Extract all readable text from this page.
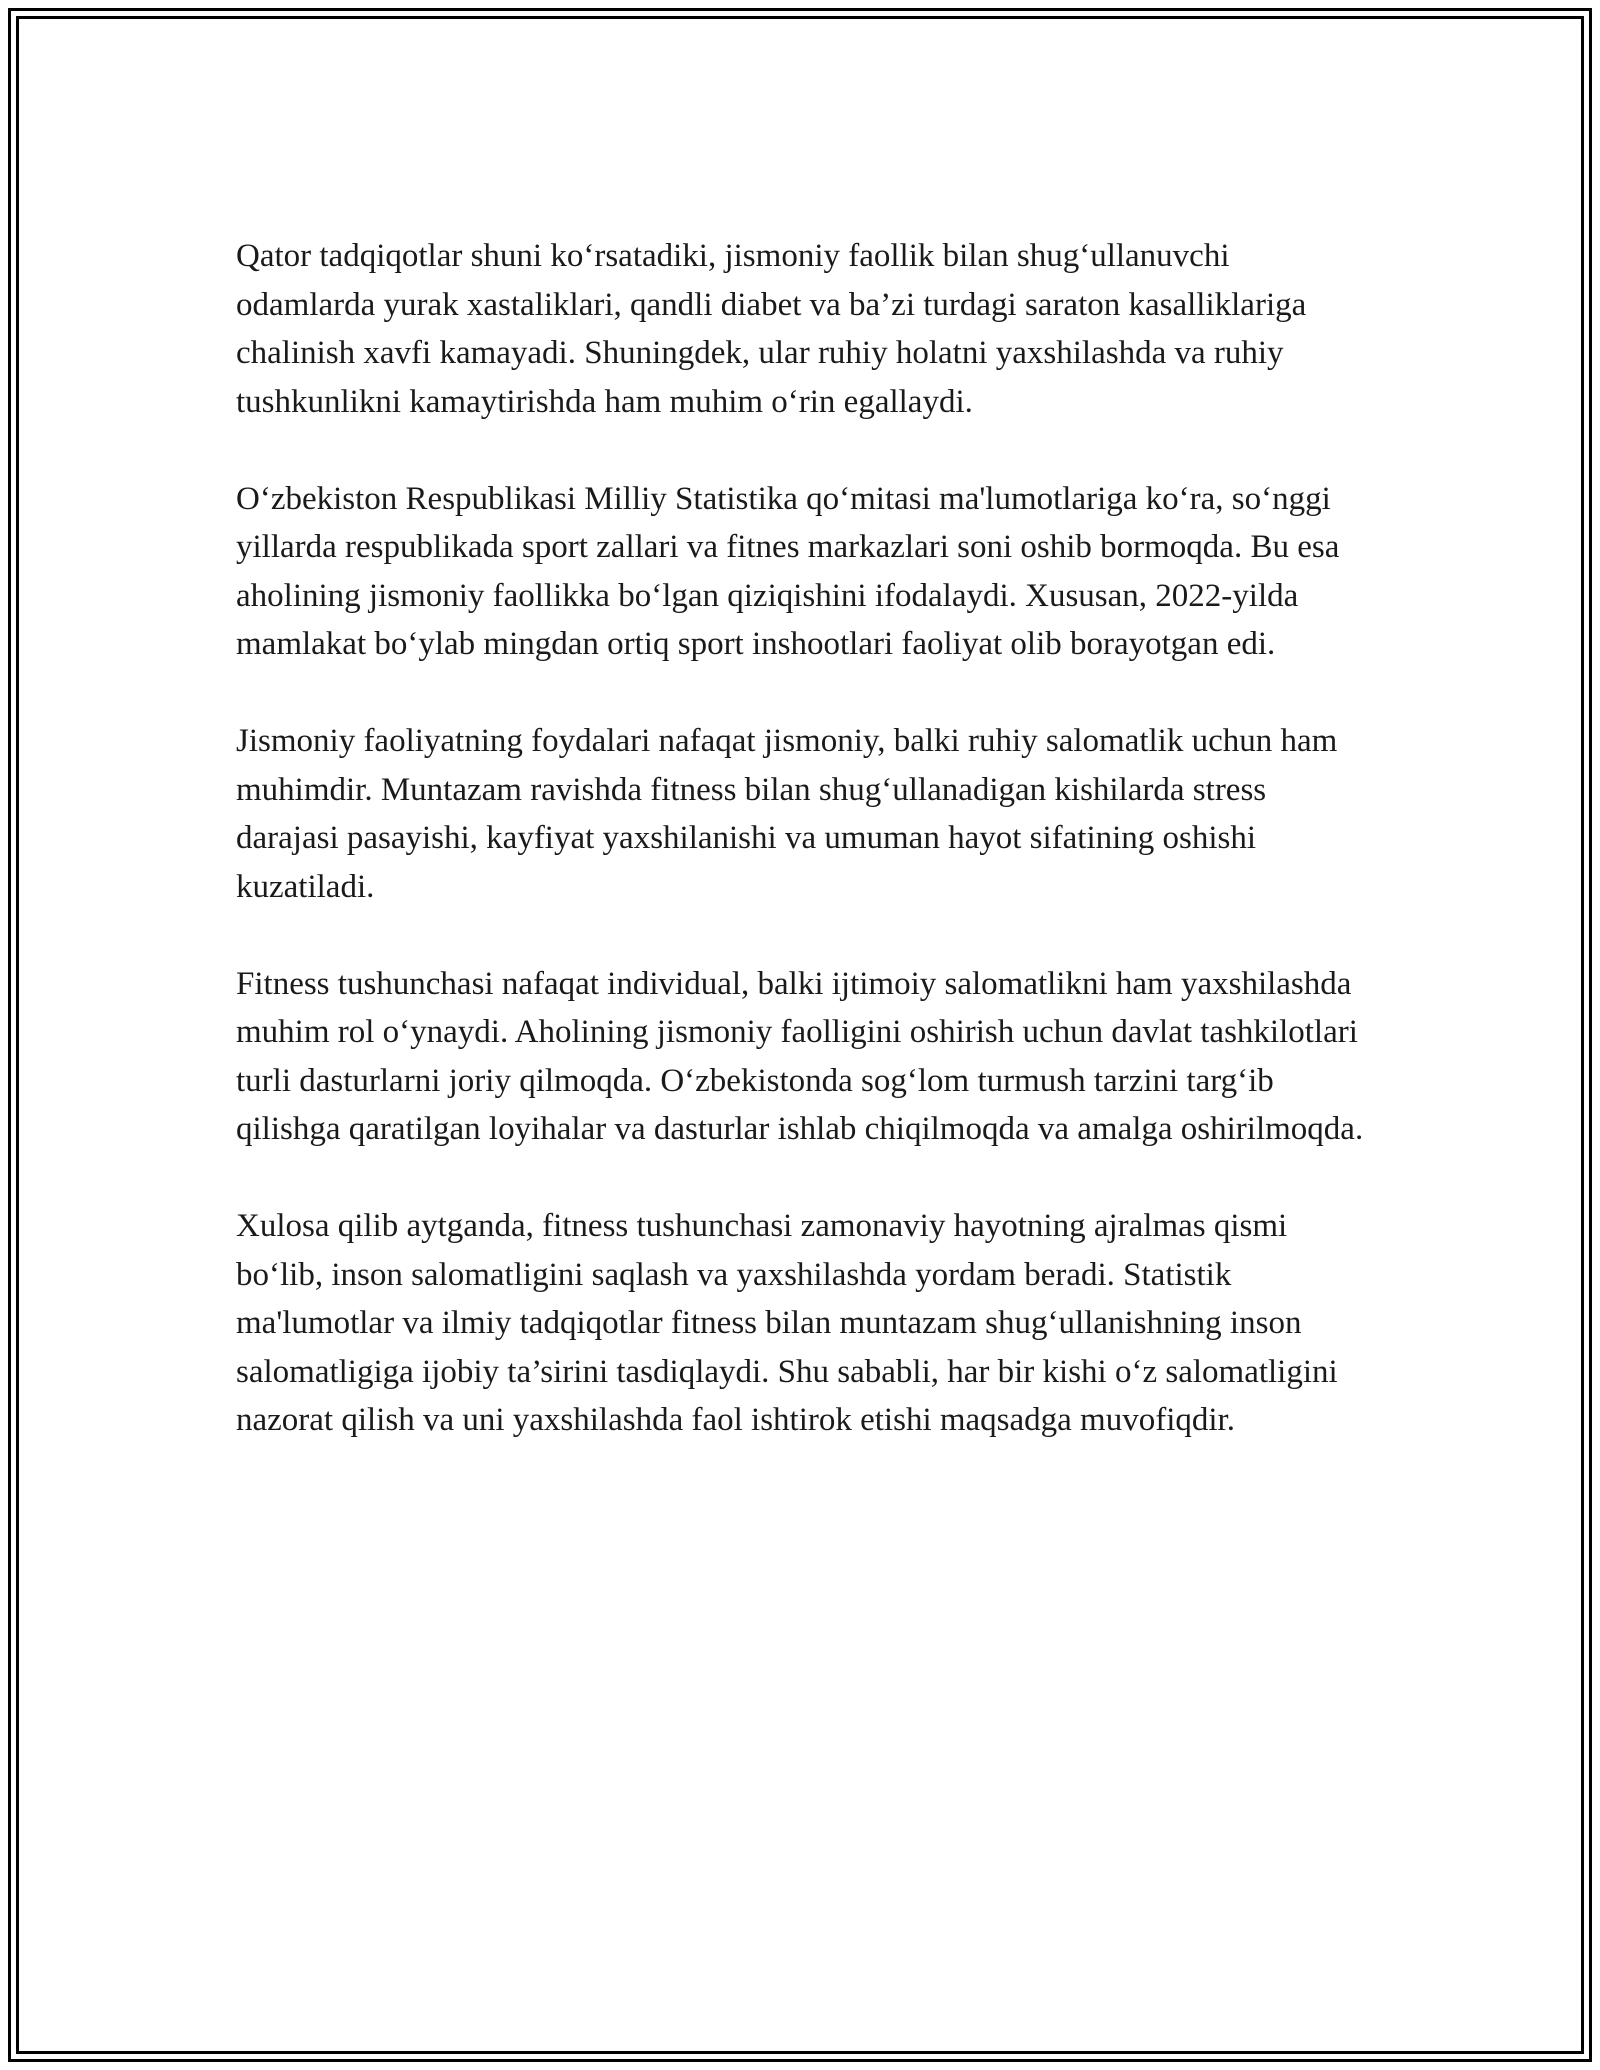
Qator tadqiqotlar shuni ko‘rsatadiki, jismoniy faollik bilan shug‘ullanuvchi odamlarda yurak xastaliklari, qandli diabet va ba’zi turdagi saraton kasalliklariga chalinish xavfi kamayadi. Shuningdek, ular ruhiy holatni yaxshilashda va ruhiy tushkunlikni kamaytirishda ham muhim o‘rin egallaydi.

O‘zbekiston Respublikasi Milliy Statistika qo‘mitasi ma'lumotlariga ko‘ra, so‘nggi yillarda respublikada sport zallari va fitnes markazlari soni oshib bormoqda. Bu esa aholining jismoniy faollikka bo‘lgan qiziqishini ifodalaydi. Xususan, 2022-yilda mamlakat bo‘ylab mingdan ortiq sport inshootlari faoliyat olib borayotgan edi.

Jismoniy faoliyatning foydalari nafaqat jismoniy, balki ruhiy salomatlik uchun ham muhimdir. Muntazam ravishda fitness bilan shug‘ullanadigan kishilarda stress darajasi pasayishi, kayfiyat yaxshilanishi va umuman hayot sifatining oshishi kuzatiladi.

Fitness tushunchasi nafaqat individual, balki ijtimoiy salomatlikni ham yaxshilashda muhim rol o‘ynaydi. Aholining jismoniy faolligini oshirish uchun davlat tashkilotlari turli dasturlarni joriy qilmoqda. O‘zbekistonda sog‘lom turmush tarzini targ‘ib qilishga qaratilgan loyihalar va dasturlar ishlab chiqilmoqda va amalga oshirilmoqda.

Xulosa qilib aytganda, fitness tushunchasi zamonaviy hayotning ajralmas qismi bo‘lib, inson salomatligini saqlash va yaxshilashda yordam beradi. Statistik ma'lumotlar va ilmiy tadqiqotlar fitness bilan muntazam shug‘ullanishning inson salomatligiga ijobiy ta’sirini tasdiqlaydi. Shu sababli, har bir kishi o‘z salomatligini nazorat qilish va uni yaxshilashda faol ishtirok etishi maqsadga muvofiqdir.
